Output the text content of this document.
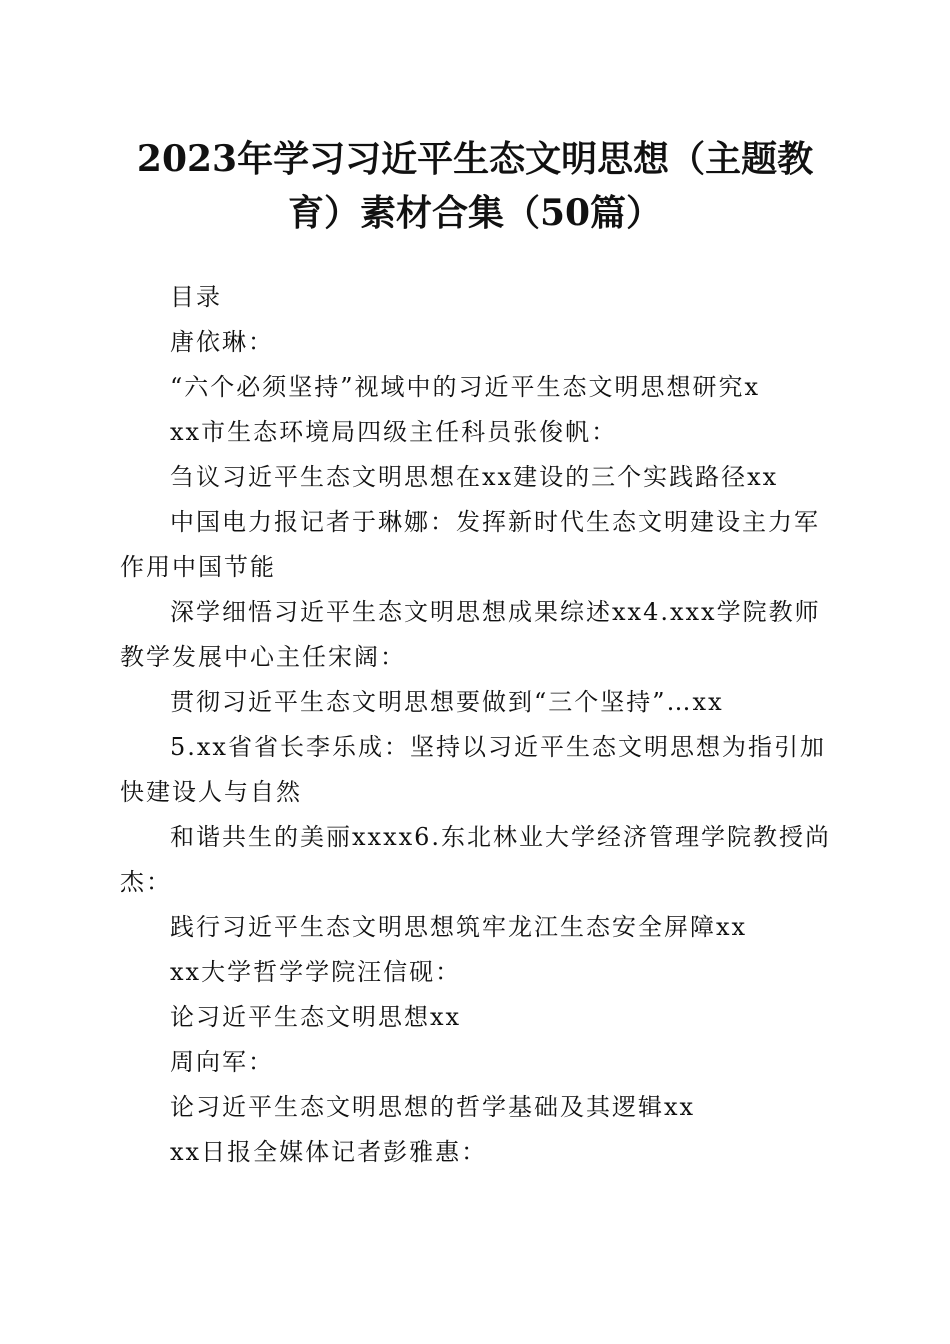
2023年学习习近平生态文明思想（主题教
育）素材合集（50篇）

目录

唐依琳：

“六个必须坚持”视域中的习近平生态文明思想研究x

xx市生态环境局四级主任科员张俊帆：

刍议习近平生态文明思想在xx建设的三个实践路径xx

中国电力报记者于琳娜：发挥新时代生态文明建设主力军作用中国节能

深学细悟习近平生态文明思想成果综述xx4.xxx学院教师教学发展中心主任宋阔：

贯彻习近平生态文明思想要做到“三个坚持”…xx

5.xx省省长李乐成：坚持以习近平生态文明思想为指引加快建设人与自然

和谐共生的美丽xxxx6.东北林业大学经济管理学院教授尚杰：

践行习近平生态文明思想筑牢龙江生态安全屏障xx

xx大学哲学学院汪信砚：

论习近平生态文明思想xx

周向军：

论习近平生态文明思想的哲学基础及其逻辑xx

xx日报全媒体记者彭雅惠：
